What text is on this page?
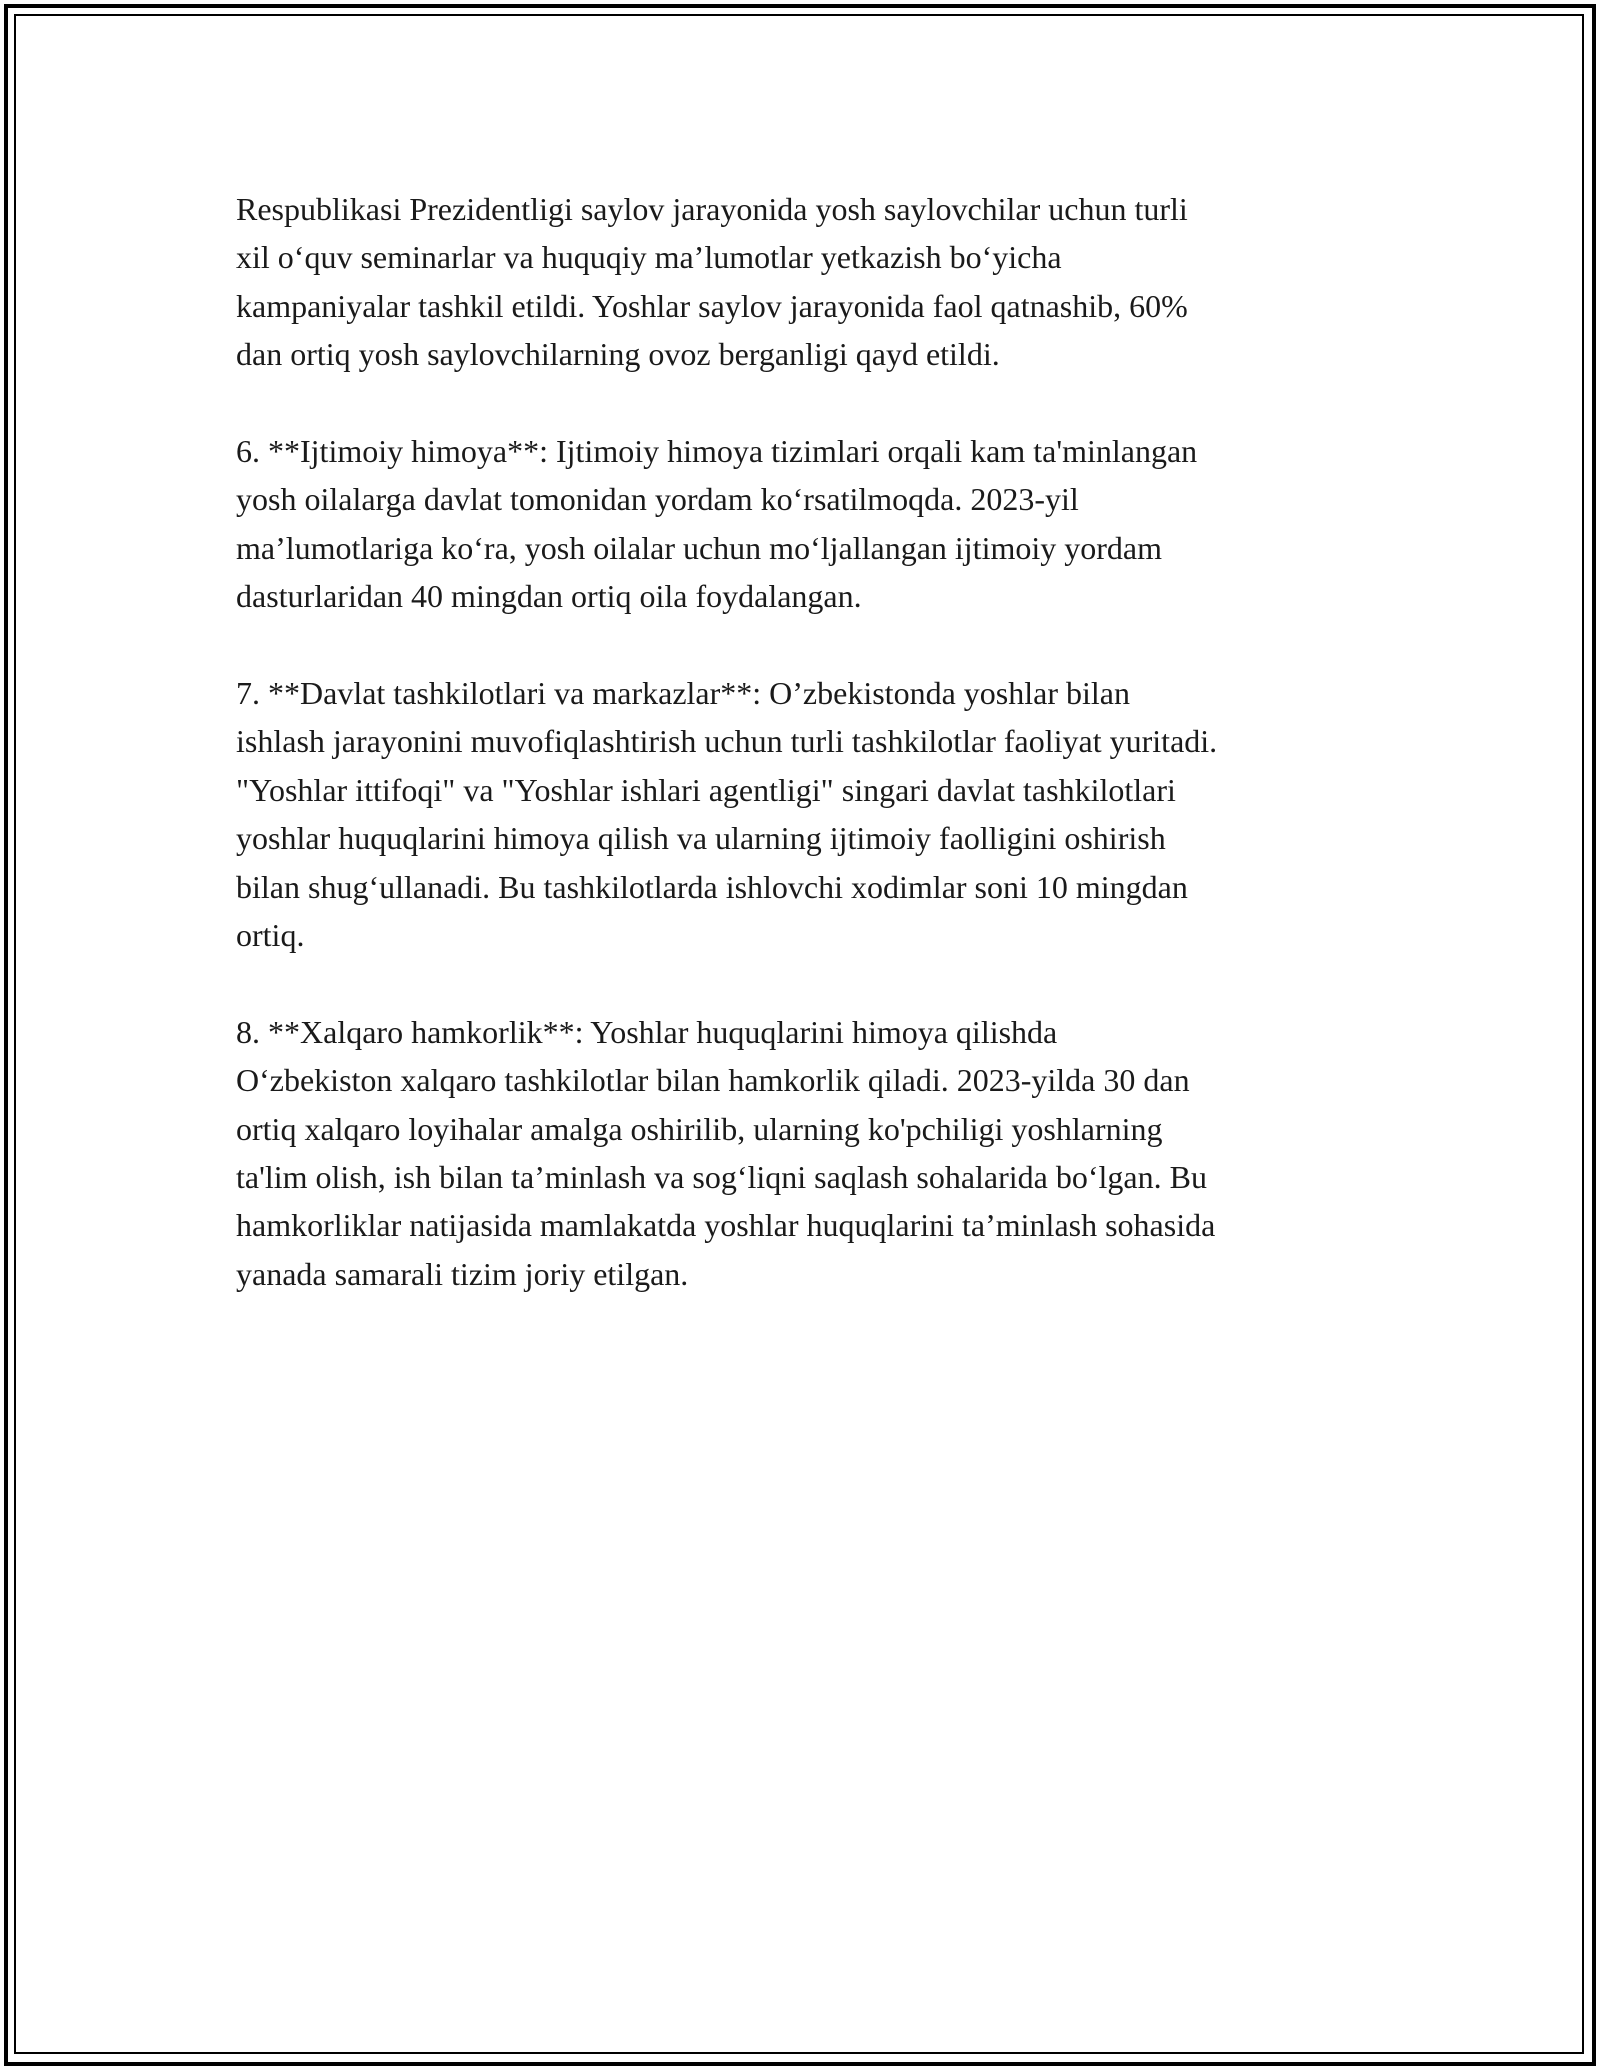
Respublikasi Prezidentligi saylov jarayonida yosh saylovchilar uchun turli
xil o‘quv seminarlar va huquqiy ma’lumotlar yetkazish bo‘yicha
kampaniyalar tashkil etildi. Yoshlar saylov jarayonida faol qatnashib, 60%
dan ortiq yosh saylovchilarning ovoz berganligi qayd etildi.

6. **Ijtimoiy himoya**: Ijtimoiy himoya tizimlari orqali kam ta'minlangan
yosh oilalarga davlat tomonidan yordam ko‘rsatilmoqda. 2023-yil
ma’lumotlariga ko‘ra, yosh oilalar uchun mo‘ljallangan ijtimoiy yordam
dasturlaridan 40 mingdan ortiq oila foydalangan.

7. **Davlat tashkilotlari va markazlar**: O’zbekistonda yoshlar bilan
ishlash jarayonini muvofiqlashtirish uchun turli tashkilotlar faoliyat yuritadi.
"Yoshlar ittifoqi" va "Yoshlar ishlari agentligi" singari davlat tashkilotlari
yoshlar huquqlarini himoya qilish va ularning ijtimoiy faolligini oshirish
bilan shug‘ullanadi. Bu tashkilotlarda ishlovchi xodimlar soni 10 mingdan
ortiq.

8. **Xalqaro hamkorlik**: Yoshlar huquqlarini himoya qilishda
O‘zbekiston xalqaro tashkilotlar bilan hamkorlik qiladi. 2023-yilda 30 dan
ortiq xalqaro loyihalar amalga oshirilib, ularning ko'pchiligi yoshlarning
ta'lim olish, ish bilan ta’minlash va sog‘liqni saqlash sohalarida bo‘lgan. Bu
hamkorliklar natijasida mamlakatda yoshlar huquqlarini ta’minlash sohasida
yanada samarali tizim joriy etilgan.
